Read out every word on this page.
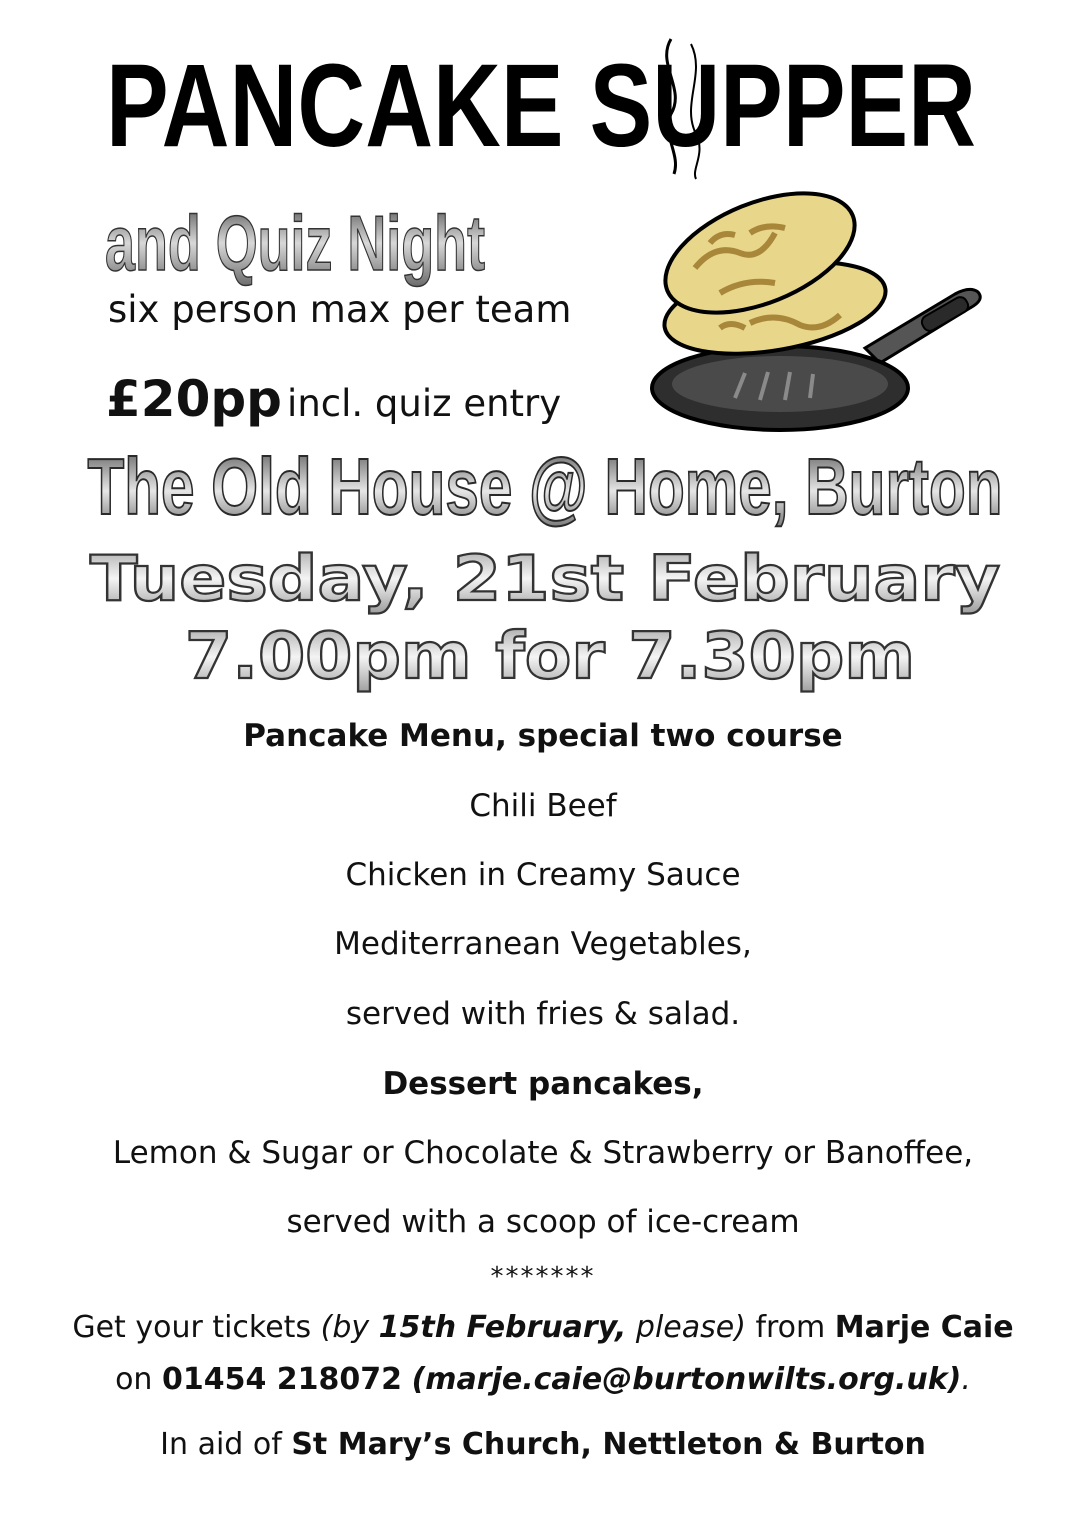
PANCAKE SUPPER
and Quiz Night
six person max per team
£20pp incl. quiz entry
The Old House @ Home, Burton
Tuesday, 21st February
7.00pm for 7.30pm
Pancake Menu, special two course
Chili Beef
Chicken in Creamy Sauce
Mediterranean Vegetables,
served with fries & salad.
Dessert pancakes,
Lemon & Sugar or Chocolate & Strawberry or Banoffee,
served with a scoop of ice-cream
*******
Get your tickets (by 15th February, please) from Marje Caie
on 01454 218072 (marje.caie@burtonwilts.org.uk).
In aid of St Mary’s Church, Nettleton & Burton
